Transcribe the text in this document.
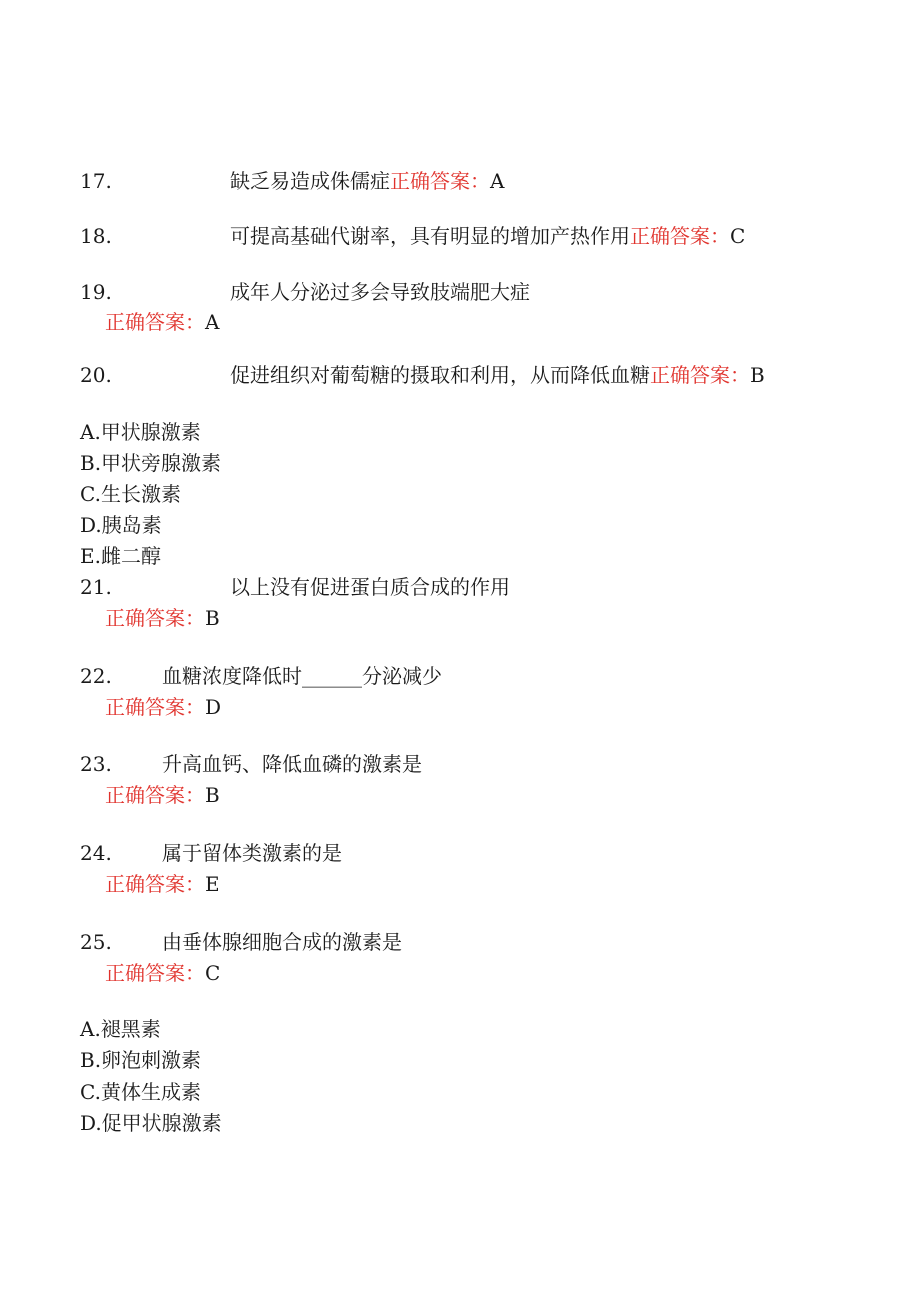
17.	缺乏易造成侏儒症正确答案：A
18.	可提高基础代谢率，具有明显的增加产热作用正确答案：C
19.	成年人分泌过多会导致肢端肥大症
正确答案：A
20.	促进组织对葡萄糖的摄取和利用，从而降低血糖正确答案：B
A.甲状腺激素
B.甲状旁腺激素
C.生长激素
D.胰岛素
E.雌二醇
21.	以上没有促进蛋白质合成的作用
正确答案：B
22.	血糖浓度降低时______分泌减少
正确答案：D
23.	升高血钙、降低血磷的激素是
正确答案：B
24.	属于留体类激素的是
正确答案：E
25.	由垂体腺细胞合成的激素是
正确答案：C
A.褪黑素
B.卵泡刺激素
C.黄体生成素
D.促甲状腺激素
